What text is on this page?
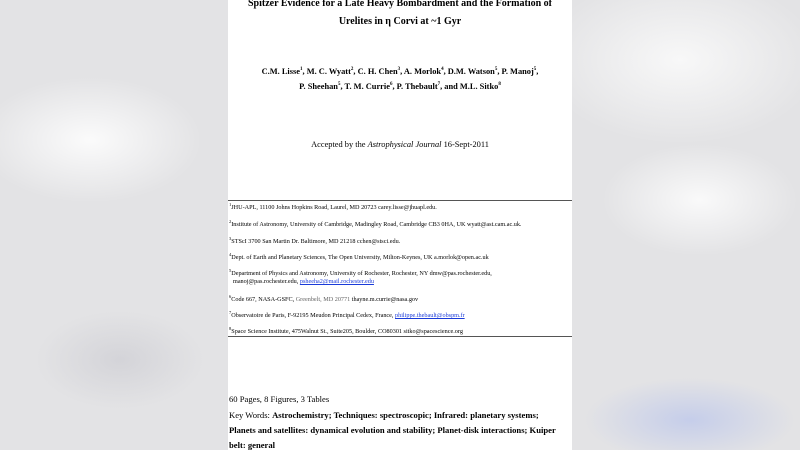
Spitzer Evidence for a Late Heavy Bombardment and the Formation of
Urelites in η Corvi at ~1 Gyr
C.M. Lisse$^1$, M. C. Wyatt$^2$, C. H. Chen$^3$, A. Morlok$^4$, D.M. Watson$^5$, P. Manoj$^5$,
P. Sheehan$^5$, T. M. Currie$^6$, P. Thebault$^7$, and M.L. Sitko$^8$
Accepted by the Astrophysical Journal 16-Sept-2011
$^1$JHU-APL, 11100 Johns Hopkins Road, Laurel, MD 20723 carey.lisse@jhuapl.edu.
$^2$Institute of Astronomy, University of Cambridge, Madingley Road, Cambridge CB3 0HA, UK wyatt@ast.cam.ac.uk.
$^3$STScI 3700 San Martin Dr. Baltimore, MD 21218 cchen@stsci.edu.
$^4$Dept. of Earth and Planetary Sciences, The Open University, Milton-Keynes, UK a.morlok@open.ac.uk
$^5$Department of Physics and Astronomy, University of Rochester, Rochester, NY dmw@pas.rochester.edu,
manoj@pas.rochester.edu, psheeha2@mail.rochester.edu
$^6$Code 667, NASA-GSFC, Greenbelt, MD 20771 thayne.m.currie@nasa.gov
$^7$Observatoire de Paris, F-92195 Meudon Principal Cedex, France, philippe.thebault@obspm.fr
$^8$Space Science Institute, 475Walnut St., Suite205, Boulder, CO80301 sitko@spacescience.org
60 Pages, 8 Figures, 3 Tables
Key Words: Astrochemistry; Techniques: spectroscopic; Infrared: planetary systems;
Planets and satellites: dynamical evolution and stability; Planet-disk interactions; Kuiper
belt: general
